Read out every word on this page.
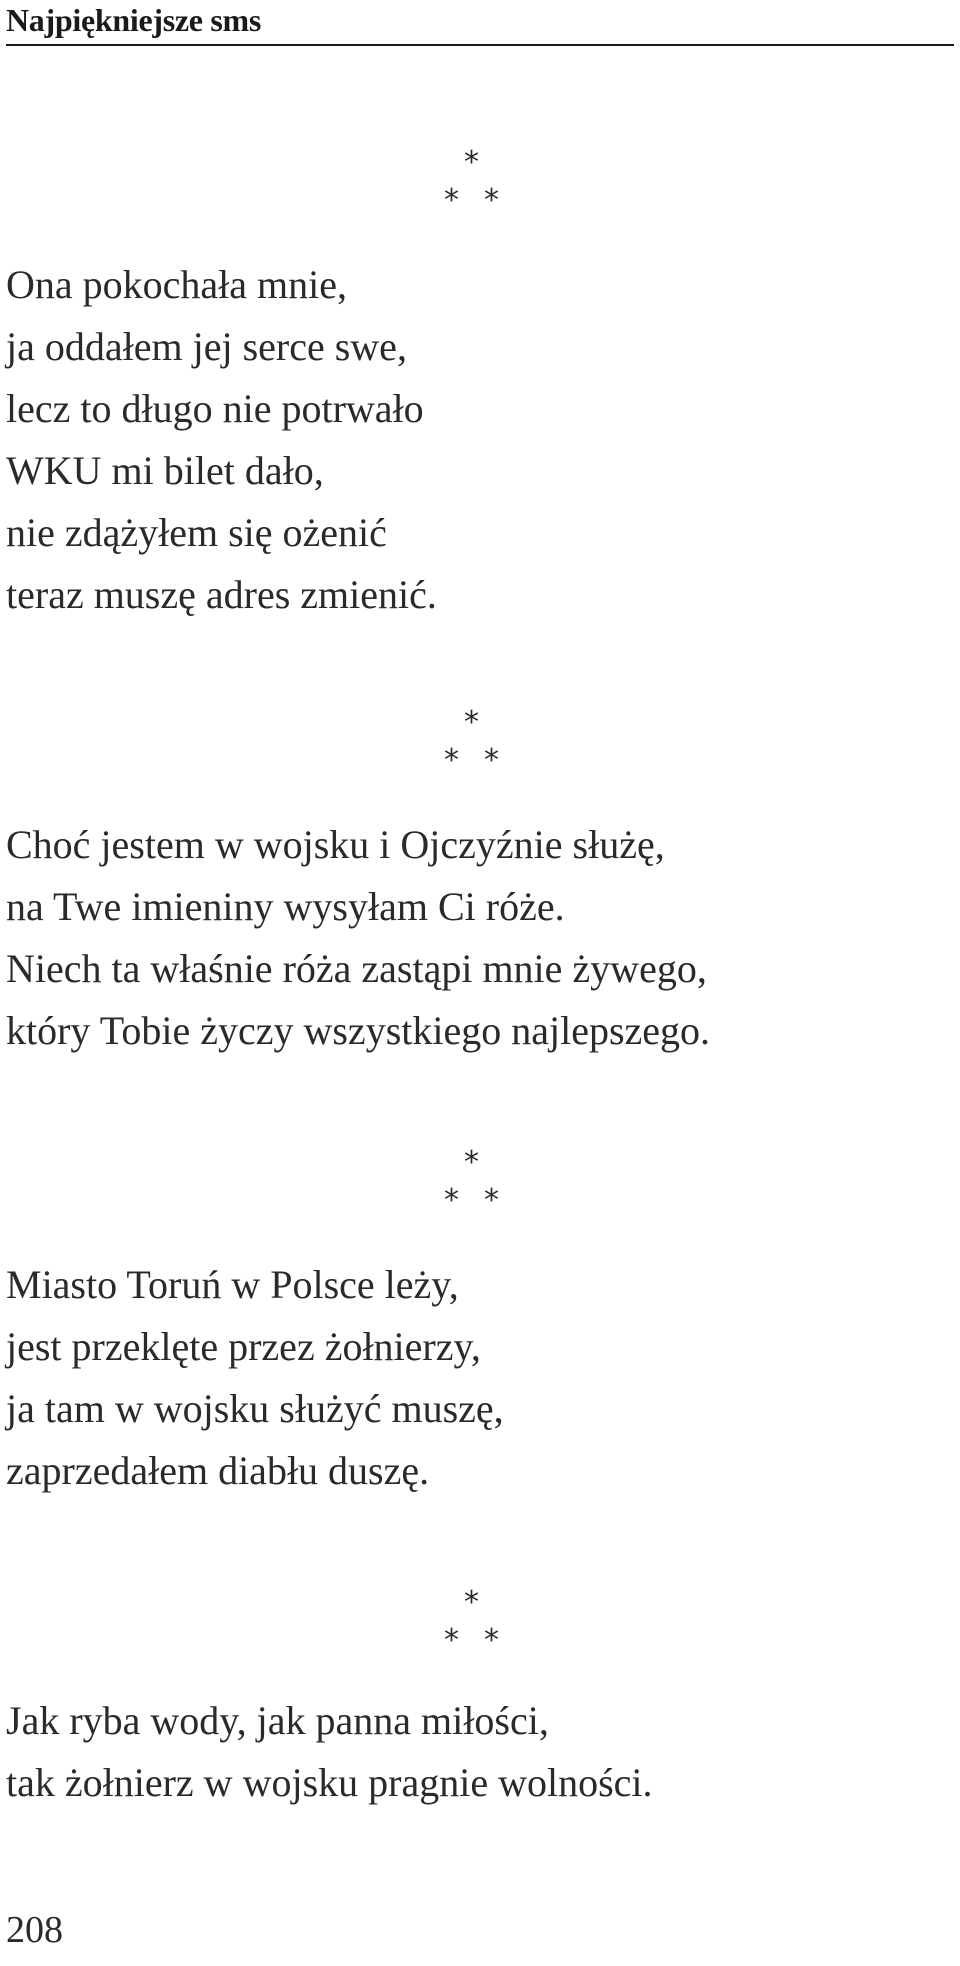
Najpiękniejsze sms
*
* *
Ona pokochała mnie,
ja oddałem jej serce swe,
lecz to długo nie potrwało
WKU mi bilet dało,
nie zdążyłem się ożenić
teraz muszę adres zmienić.
*
* *
Choć jestem w wojsku i Ojczyźnie służę,
na Twe imieniny wysyłam Ci róże.
Niech ta właśnie róża zastąpi mnie żywego,
który Tobie życzy wszystkiego najlepszego.
*
* *
Miasto Toruń w Polsce leży,
jest przeklęte przez żołnierzy,
ja tam w wojsku służyć muszę,
zaprzedałem diabłu duszę.
*
* *
Jak ryba wody, jak panna miłości,
tak żołnierz w wojsku pragnie wolności.
208
